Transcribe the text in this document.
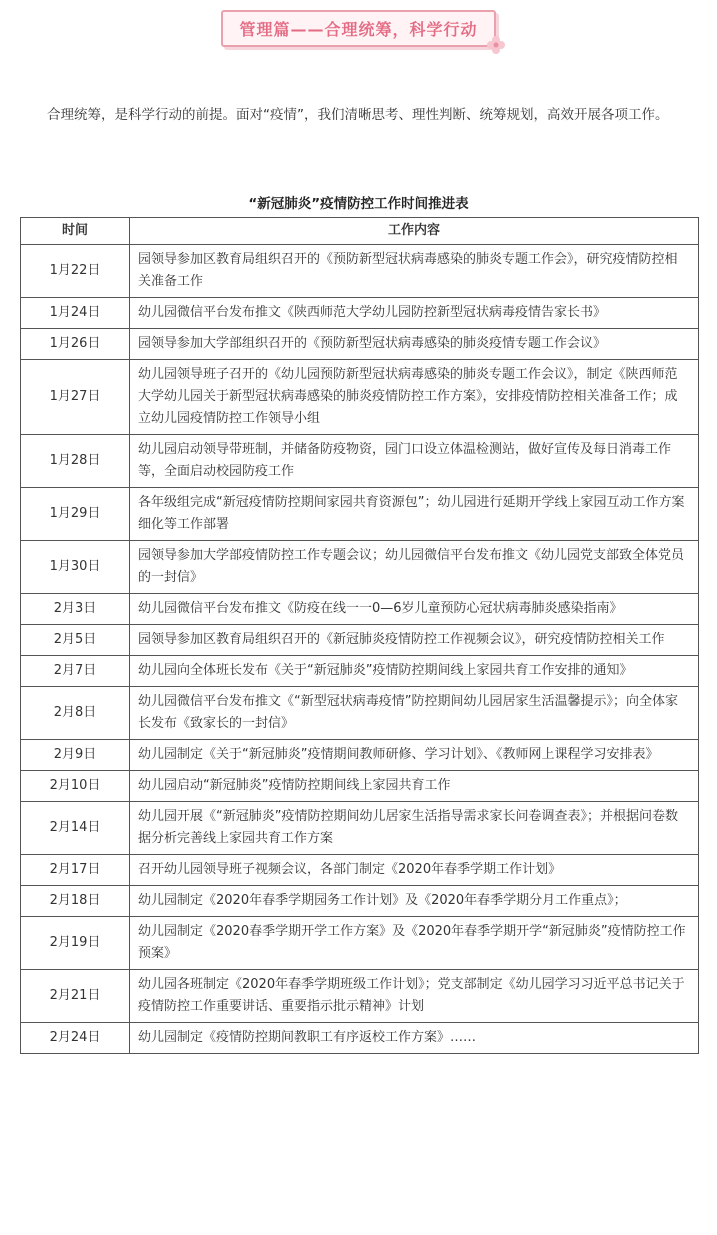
管理篇——合理统筹，科学行动

合理统筹，是科学行动的前提。面对“疫情”，我们清晰思考、理性判断、统筹规划，高效开展各项工作。

“新冠肺炎”疫情防控工作时间推进表

时间	工作内容
1月22日	园领导参加区教育局组织召开的《预防新型冠状病毒感染的肺炎专题工作会》，研究疫情防控相关准备工作
1月24日	幼儿园微信平台发布推文《陕西师范大学幼儿园防控新型冠状病毒疫情告家长书》
1月26日	园领导参加大学部组织召开的《预防新型冠状病毒感染的肺炎疫情专题工作会议》
1月27日	幼儿园领导班子召开的《幼儿园预防新型冠状病毒感染的肺炎专题工作会议》，制定《陕西师范大学幼儿园关于新型冠状病毒感染的肺炎疫情防控工作方案》，安排疫情防控相关准备工作；成立幼儿园疫情防控工作领导小组
1月28日	幼儿园启动领导带班制，并储备防疫物资，园门口设立体温检测站，做好宣传及每日消毒工作等，全面启动校园防疫工作
1月29日	各年级组完成“新冠疫情防控期间家园共育资源包”；幼儿园进行延期开学线上家园互动工作方案细化等工作部署
1月30日	园领导参加大学部疫情防控工作专题会议；幼儿园微信平台发布推文《幼儿园党支部致全体党员的一封信》
2月3日	幼儿园微信平台发布推文《防疫在线一一0—6岁儿童预防心冠状病毒肺炎感染指南》
2月5日	园领导参加区教育局组织召开的《新冠肺炎疫情防控工作视频会议》，研究疫情防控相关工作
2月7日	幼儿园向全体班长发布《关于“新冠肺炎”疫情防控期间线上家园共育工作安排的通知》
2月8日	幼儿园微信平台发布推文《“新型冠状病毒疫情”防控期间幼儿园居家生活温馨提示》；向全体家长发布《致家长的一封信》
2月9日	幼儿园制定《关于“新冠肺炎”疫情期间教师研修、学习计划》、《教师网上课程学习安排表》
2月10日	幼儿园启动“新冠肺炎”疫情防控期间线上家园共育工作
2月14日	幼儿园开展《“新冠肺炎”疫情防控期间幼儿居家生活指导需求家长问卷调查表》；并根据问卷数据分析完善线上家园共育工作方案
2月17日	召开幼儿园领导班子视频会议，各部门制定《2020年春季学期工作计划》
2月18日	幼儿园制定《2020年春季学期园务工作计划》及《2020年春季学期分月工作重点》；
2月19日	幼儿园制定《2020春季学期开学工作方案》及《2020年春季学期开学“新冠肺炎”疫情防控工作预案》
2月21日	幼儿园各班制定《2020年春季学期班级工作计划》；党支部制定《幼儿园学习习近平总书记关于疫情防控工作重要讲话、重要指示批示精神》计划
2月24日	幼儿园制定《疫情防控期间教职工有序返校工作方案》……
